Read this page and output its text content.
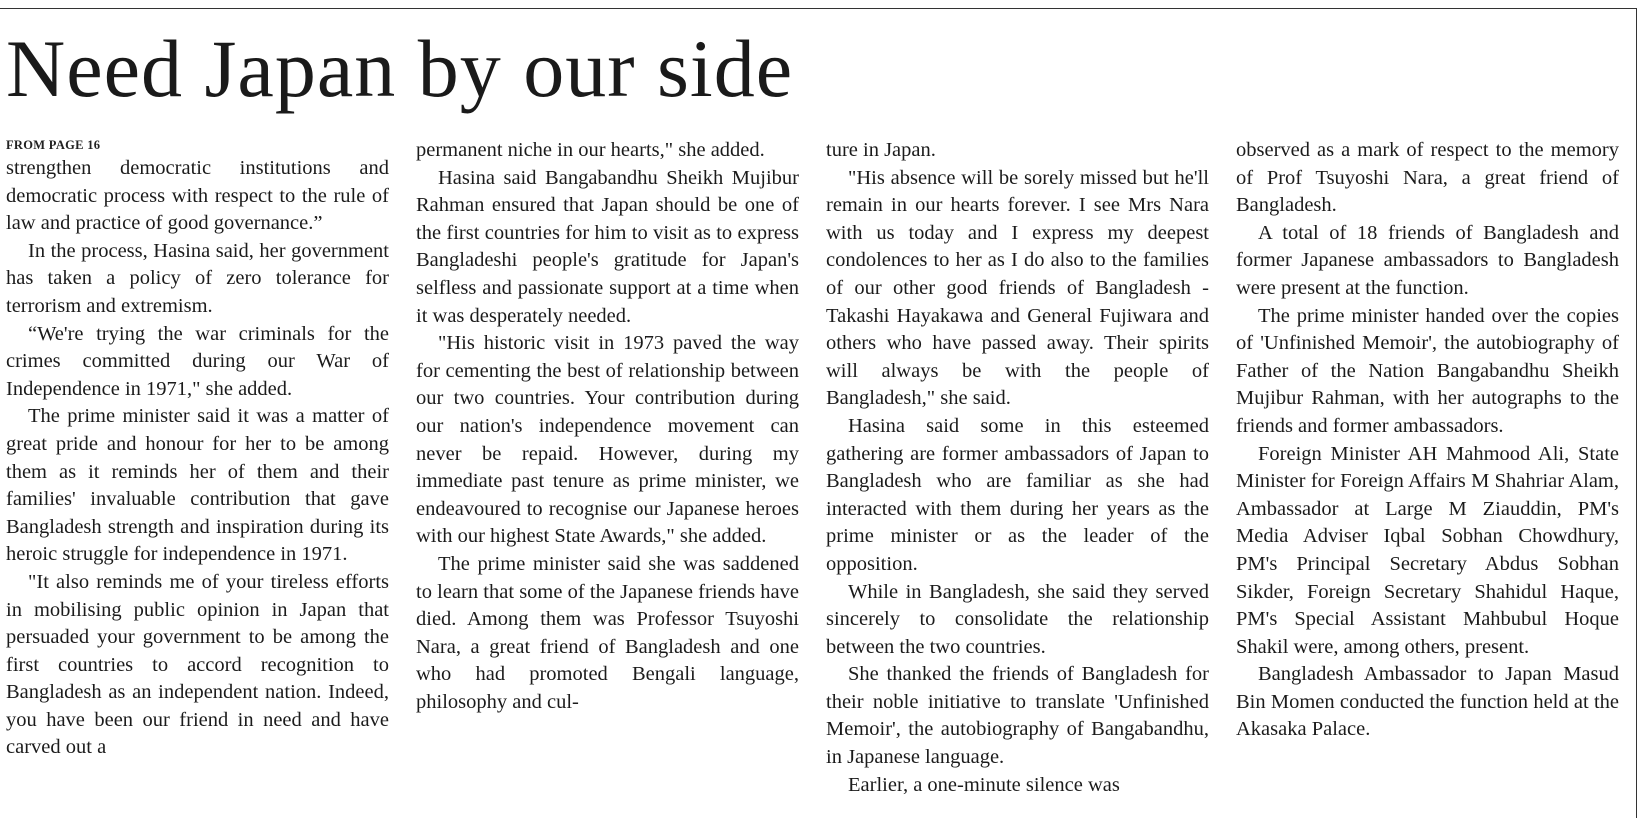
Need Japan by our side
FROM PAGE 16

strengthen democratic institutions and democratic process with respect to the rule of law and practice of good governance.”

In the process, Hasina said, her government has taken a policy of zero tolerance for terrorism and extremism.

“We're trying the war criminals for the crimes committed during our War of Independence in 1971," she added.

The prime minister said it was a matter of great pride and honour for her to be among them as it reminds her of them and their families' invaluable contribution that gave Bangladesh strength and inspiration during its heroic struggle for independence in 1971.

"It also reminds me of your tireless efforts in mobilising public opinion in Japan that persuaded your government to be among the first countries to accord recognition to Bangladesh as an independent nation. Indeed, you have been our friend in need and have carved out a

permanent niche in our hearts," she added.

Hasina said Bangabandhu Sheikh Mujibur Rahman ensured that Japan should be one of the first countries for him to visit as to express Bangladeshi people's gratitude for Japan's selfless and passionate support at a time when it was desperately needed.

"His historic visit in 1973 paved the way for cementing the best of relationship between our two countries. Your contribution during our nation's independence movement can never be repaid. However, during my immediate past tenure as prime minister, we endeavoured to recognise our Japanese heroes with our highest State Awards," she added.

The prime minister said she was saddened to learn that some of the Japanese friends have died. Among them was Professor Tsuyoshi Nara, a great friend of Bangladesh and one who had promoted Bengali language, philosophy and cul-

ture in Japan.

"His absence will be sorely missed but he'll remain in our hearts forever. I see Mrs Nara with us today and I express my deepest condolences to her as I do also to the families of our other good friends of Bangladesh - Takashi Hayakawa and General Fujiwara and others who have passed away. Their spirits will always be with the people of Bangladesh," she said.

Hasina said some in this esteemed gathering are former ambassadors of Japan to Bangladesh who are familiar as she had interacted with them during her years as the prime minister or as the leader of the opposition.

While in Bangladesh, she said they served sincerely to consolidate the relationship between the two countries.

She thanked the friends of Bangladesh for their noble initiative to translate 'Unfinished Memoir', the autobiography of Bangabandhu, in Japanese language.

Earlier, a one-minute silence was

observed as a mark of respect to the memory of Prof Tsuyoshi Nara, a great friend of Bangladesh.

A total of 18 friends of Bangladesh and former Japanese ambassadors to Bangladesh were present at the function.

The prime minister handed over the copies of 'Unfinished Memoir', the autobiography of Father of the Nation Bangabandhu Sheikh Mujibur Rahman, with her autographs to the friends and former ambassadors.

Foreign Minister AH Mahmood Ali, State Minister for Foreign Affairs M Shahriar Alam, Ambassador at Large M Ziauddin, PM's Media Adviser Iqbal Sobhan Chowdhury, PM's Principal Secretary Abdus Sobhan Sikder, Foreign Secretary Shahidul Haque, PM's Special Assistant Mahbubul Hoque Shakil were, among others, present.

Bangladesh Ambassador to Japan Masud Bin Momen conducted the function held at the Akasaka Palace.
